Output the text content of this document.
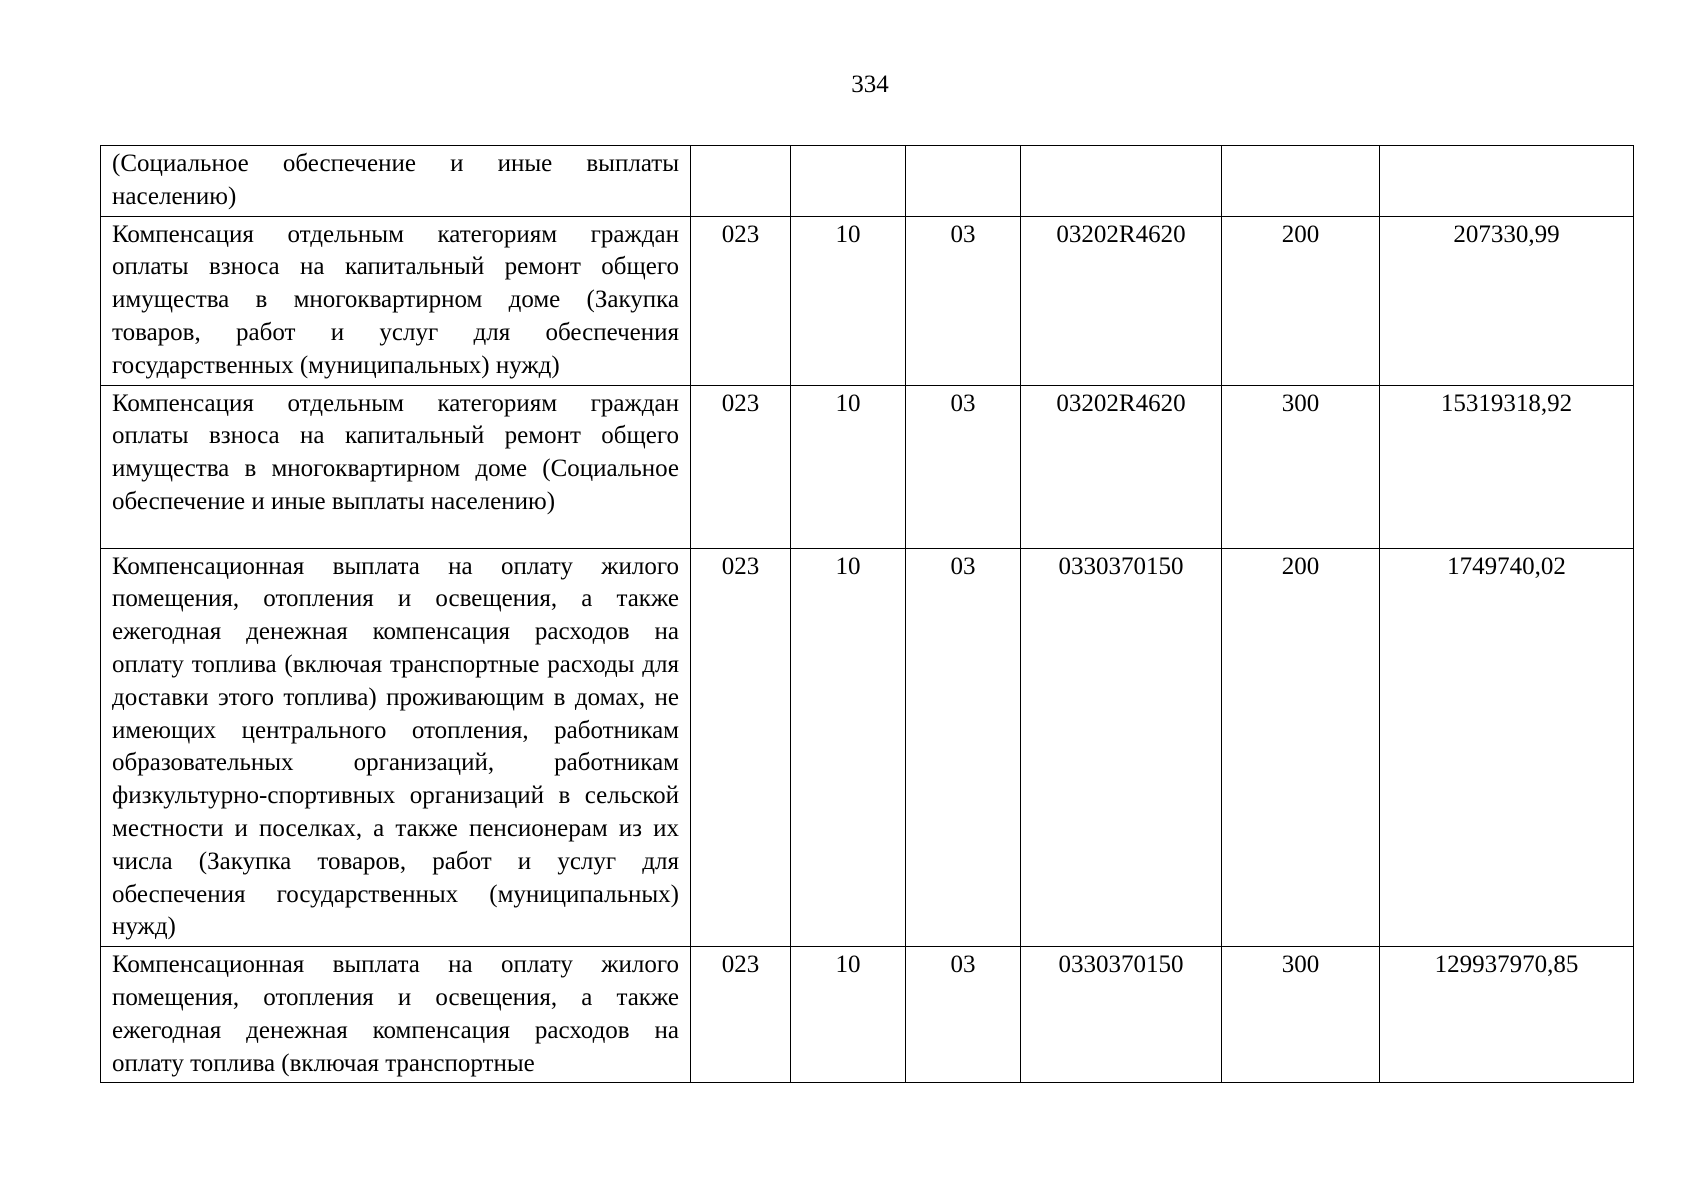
334
(Социальное обеспечение и иные выплаты населению)						

Компенсация отдельным категориям граждан оплаты взноса на капитальный ремонт общего имущества в многоквартирном доме (Закупка товаров, работ и услуг для обеспечения государственных (муниципальных) нужд)	023	10	03	03202R4620	200	207330,99

Компенсация отдельным категориям граждан оплаты взноса на капитальный ремонт общего имущества в многоквартирном доме (Социальное обеспечение и иные выплаты населению)	023	10	03	03202R4620	300	15319318,92

Компенсационная выплата на оплату жилого помещения, отопления и освещения, а также ежегодная денежная компенсация расходов на оплату топлива (включая транспортные расходы для доставки этого топлива) проживающим в домах, не имеющих центрального отопления, работникам образовательных организаций, работникам физкультурно-спортивных организаций в сельской местности и поселках, а также пенсионерам из их числа (Закупка товаров, работ и услуг для обеспечения государственных (муниципальных) нужд)	023	10	03	0330370150	200	1749740,02

Компенсационная выплата на оплату жилого помещения, отопления и освещения, а также ежегодная денежная компенсация расходов на оплату топлива (включая транспортные	023	10	03	0330370150	300	129937970,85
